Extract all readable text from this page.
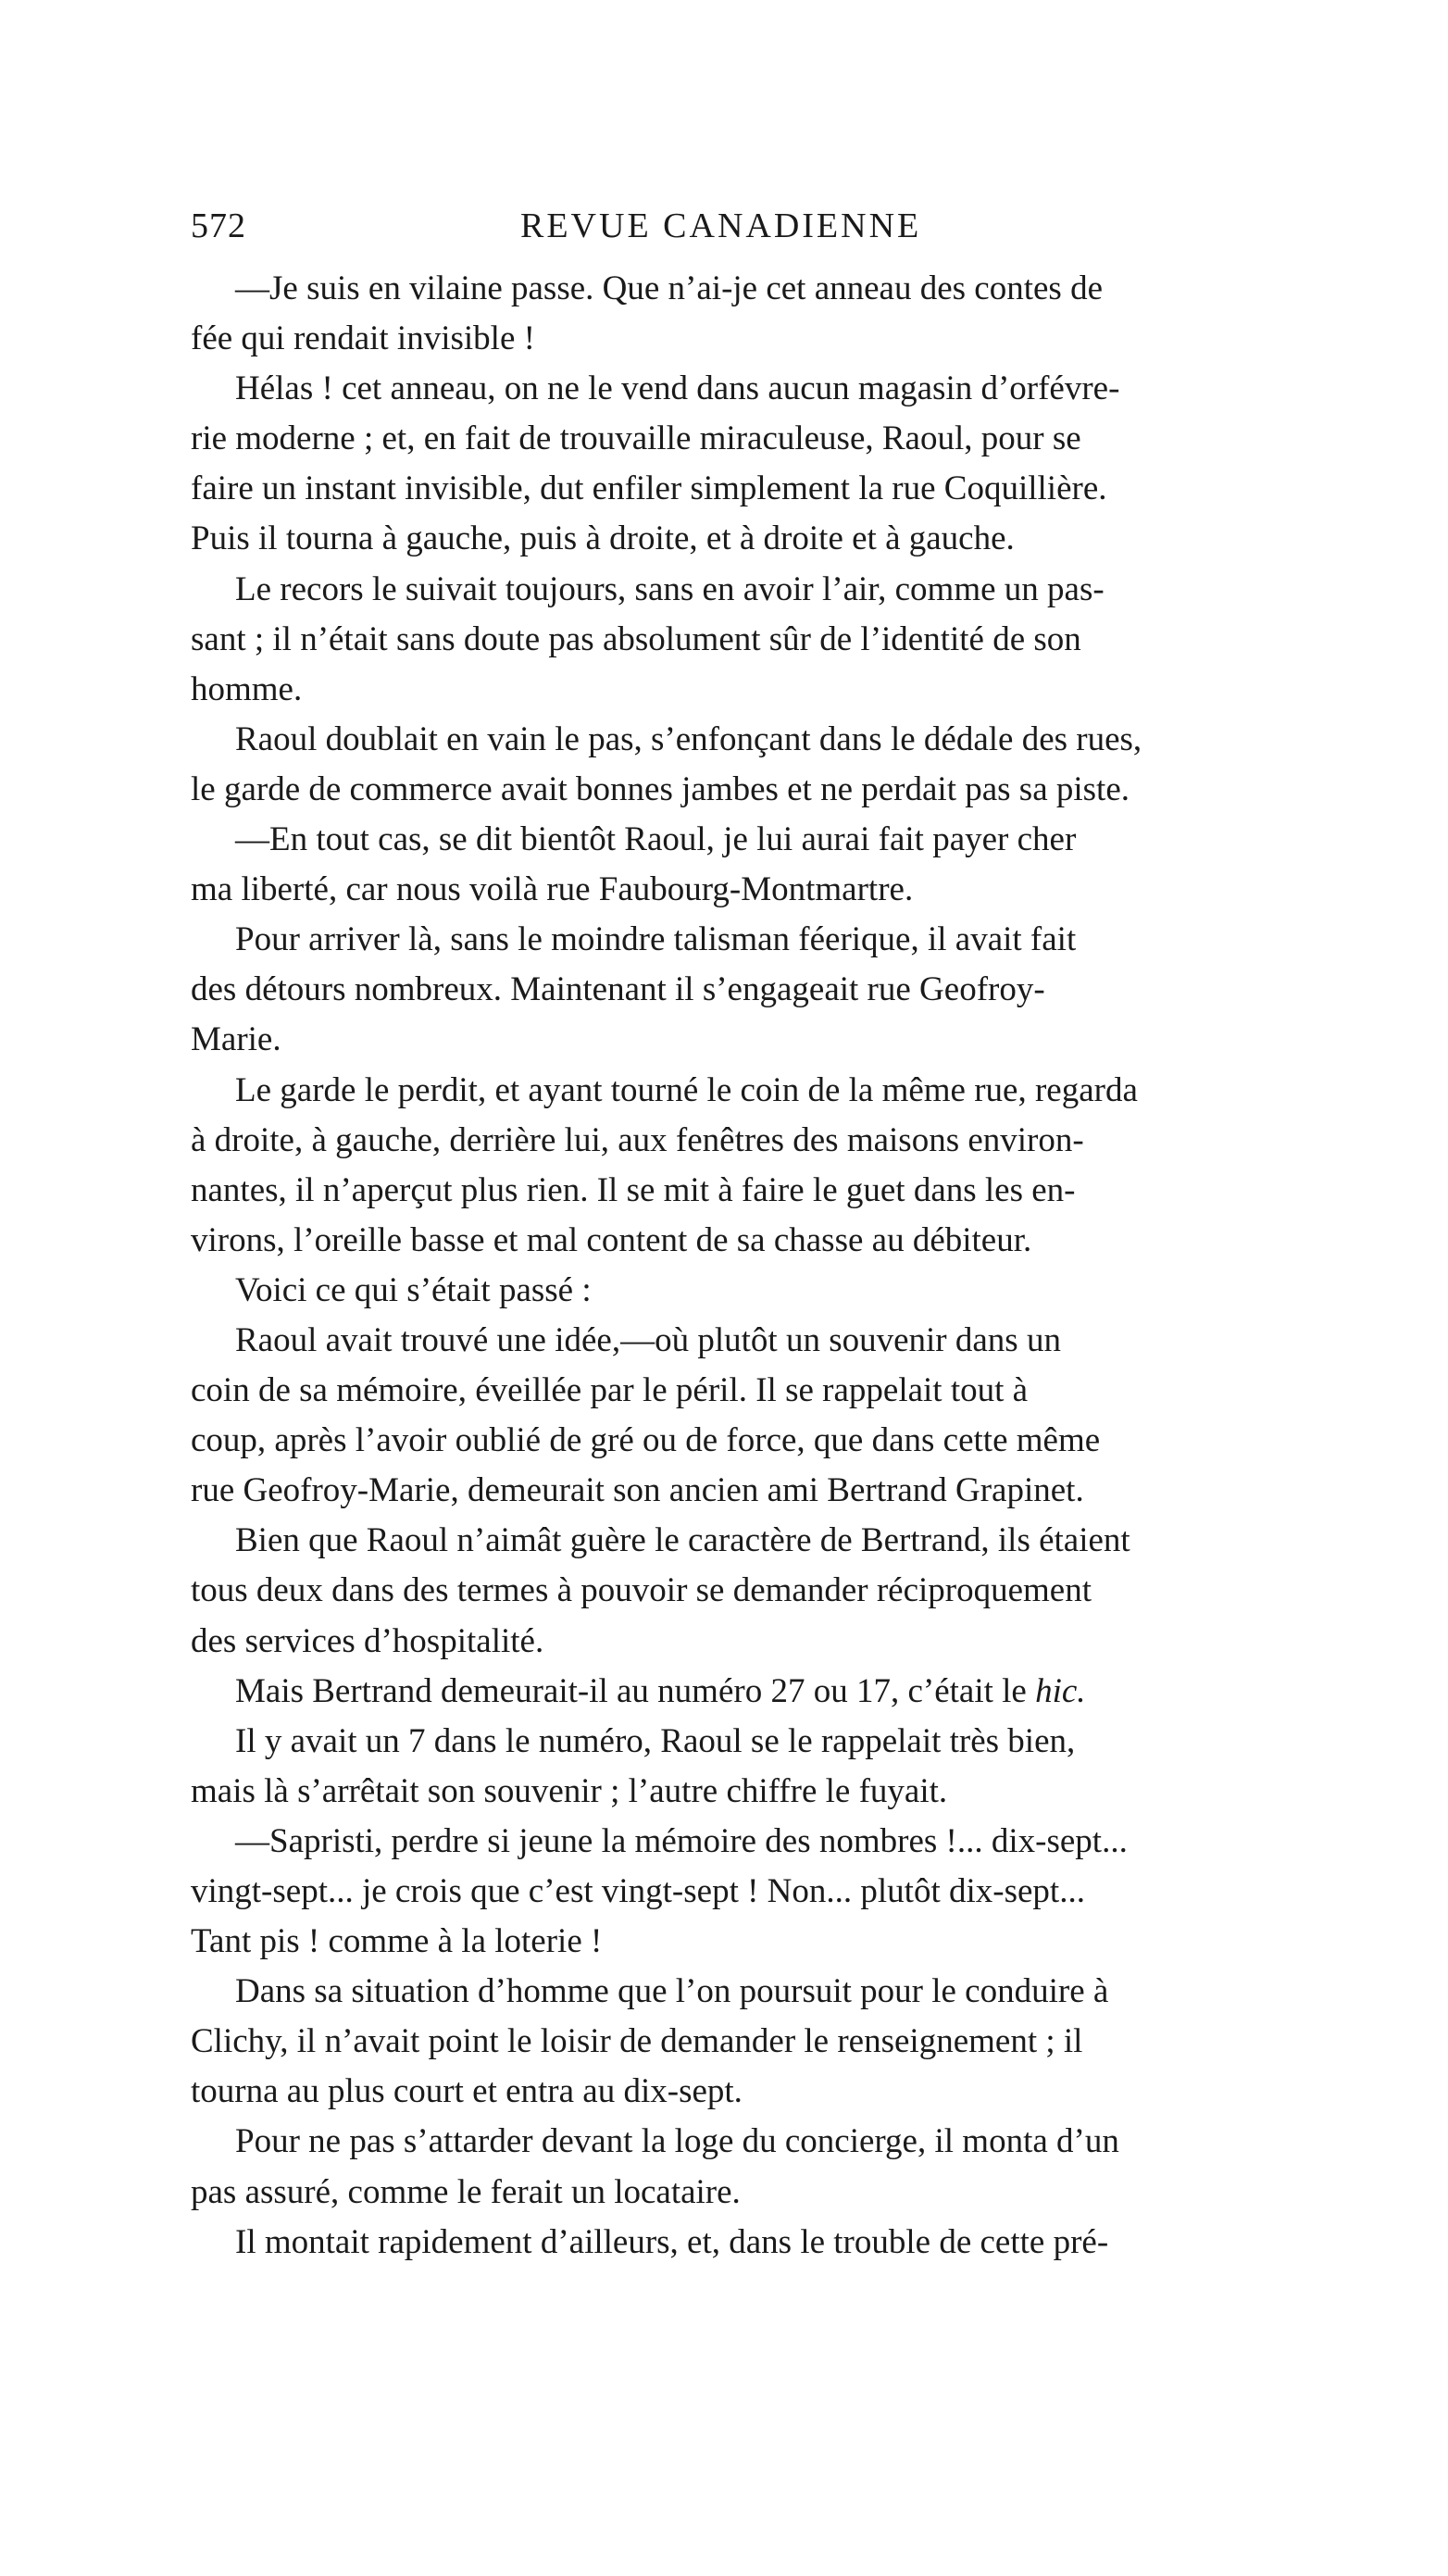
572	REVUE CANADIENNE
—Je suis en vilaine passe. Que n’ai-je cet anneau des contes de
fée qui rendait invisible !
Hélas ! cet anneau, on ne le vend dans aucun magasin d’orfévre-
rie moderne ; et, en fait de trouvaille miraculeuse, Raoul, pour se
faire un instant invisible, dut enfiler simplement la rue Coquillière.
Puis il tourna à gauche, puis à droite, et à droite et à gauche.
Le recors le suivait toujours, sans en avoir l’air, comme un pas-
sant ; il n’était sans doute pas absolument sûr de l’identité de son
homme.
Raoul doublait en vain le pas, s’enfonçant dans le dédale des rues,
le garde de commerce avait bonnes jambes et ne perdait pas sa piste.
—En tout cas, se dit bientôt Raoul, je lui aurai fait payer cher
ma liberté, car nous voilà rue Faubourg-Montmartre.
Pour arriver là, sans le moindre talisman féerique, il avait fait
des détours nombreux. Maintenant il s’engageait rue Geofroy-
Marie.
Le garde le perdit, et ayant tourné le coin de la même rue, regarda
à droite, à gauche, derrière lui, aux fenêtres des maisons environ-
nantes, il n’aperçut plus rien. Il se mit à faire le guet dans les en-
virons, l’oreille basse et mal content de sa chasse au débiteur.
Voici ce qui s’était passé :
Raoul avait trouvé une idée,—où plutôt un souvenir dans un
coin de sa mémoire, éveillée par le péril. Il se rappelait tout à
coup, après l’avoir oublié de gré ou de force, que dans cette même
rue Geofroy-Marie, demeurait son ancien ami Bertrand Grapinet.
Bien que Raoul n’aimât guère le caractère de Bertrand, ils étaient
tous deux dans des termes à pouvoir se demander réciproquement
des services d’hospitalité.
Mais Bertrand demeurait-il au numéro 27 ou 17, c’était le hic.
Il y avait un 7 dans le numéro, Raoul se le rappelait très bien,
mais là s’arrêtait son souvenir ; l’autre chiffre le fuyait.
—Sapristi, perdre si jeune la mémoire des nombres !... dix-sept...
vingt-sept... je crois que c’est vingt-sept ! Non... plutôt dix-sept...
Tant pis ! comme à la loterie !
Dans sa situation d’homme que l’on poursuit pour le conduire à
Clichy, il n’avait point le loisir de demander le renseignement ; il
tourna au plus court et entra au dix-sept.
Pour ne pas s’attarder devant la loge du concierge, il monta d’un
pas assuré, comme le ferait un locataire.
Il montait rapidement d’ailleurs, et, dans le trouble de cette pré-
